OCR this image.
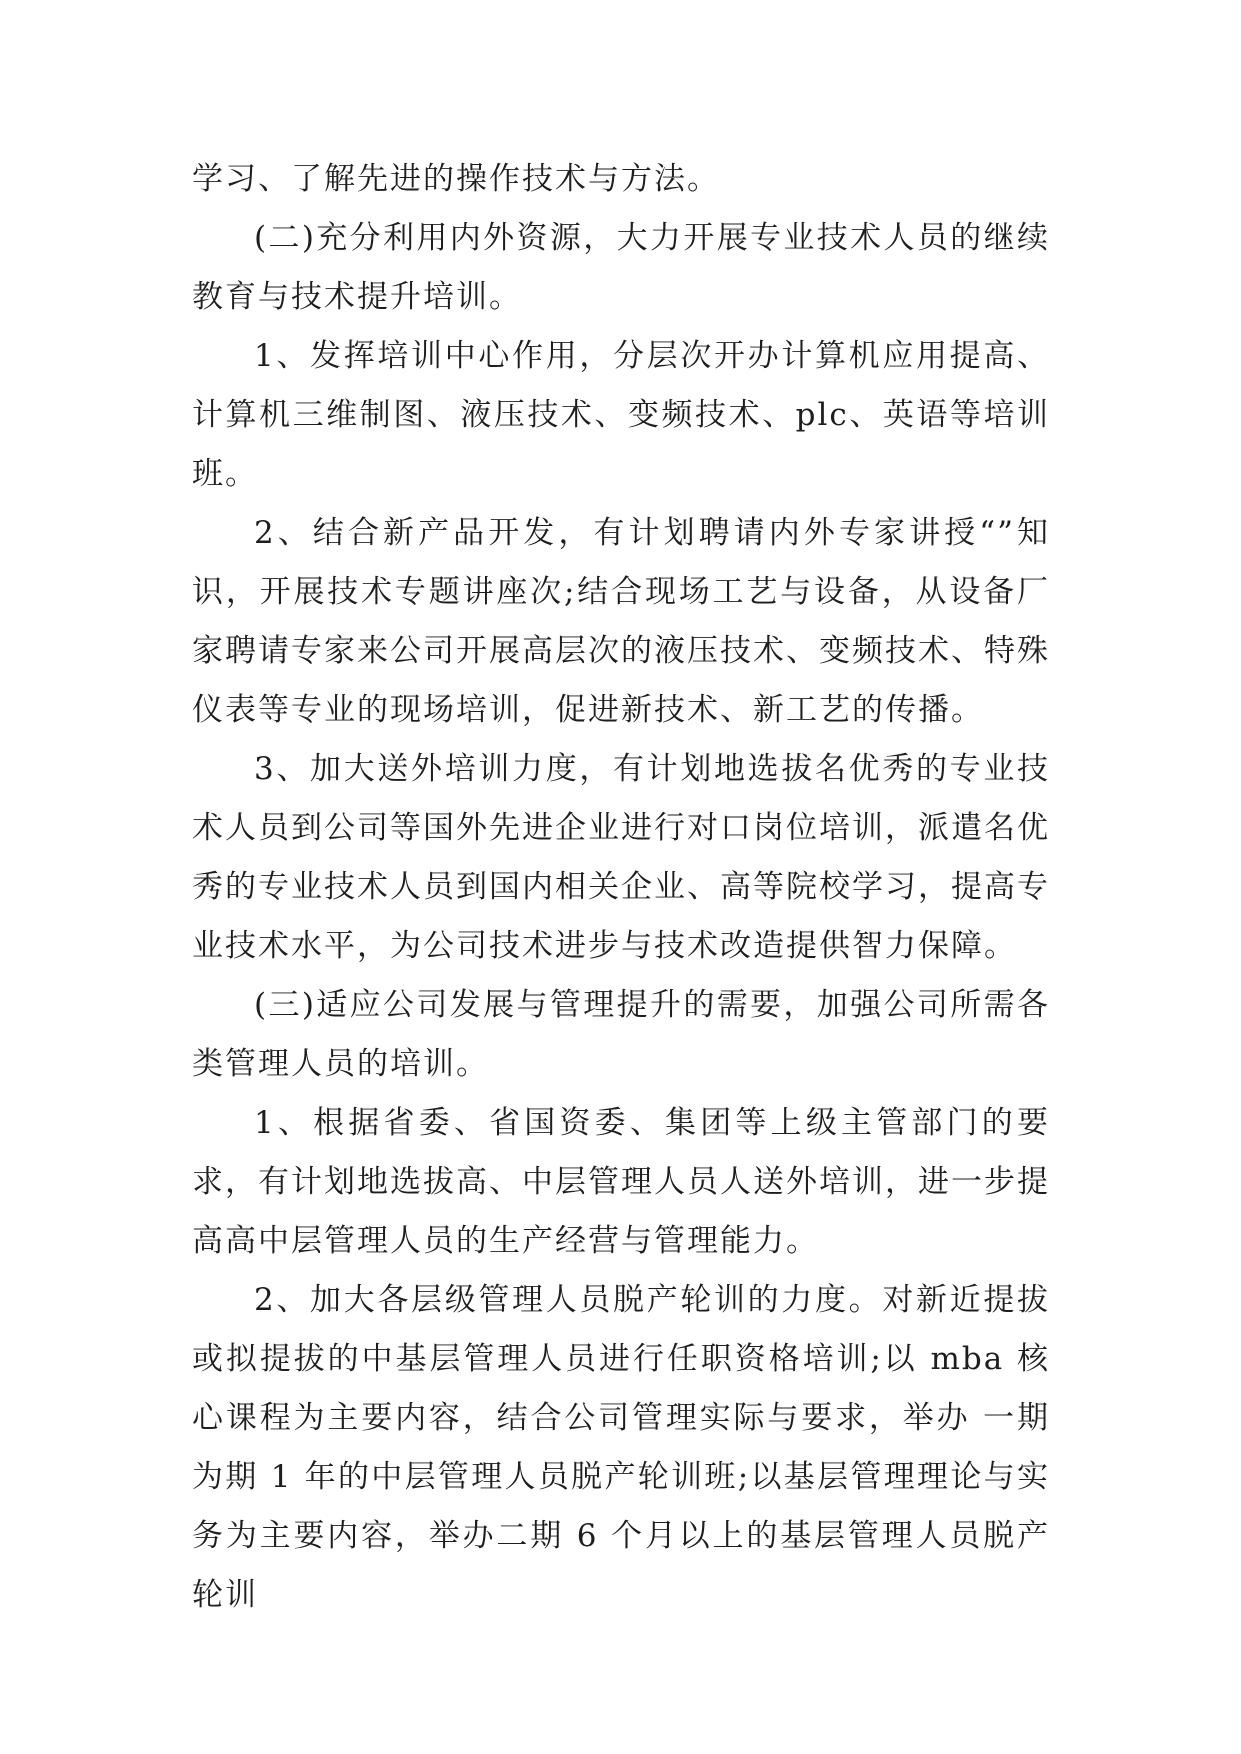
学习、了解先进的操作技术与方法。

(二)充分利用内外资源，大力开展专业技术人员的继续教育与技术提升培训。

1、发挥培训中心作用，分层次开办计算机应用提高、计算机三维制图、液压技术、变频技术、plc、英语等培训班。

2、结合新产品开发，有计划聘请内外专家讲授“”知识，开展技术专题讲座次;结合现场工艺与设备，从设备厂家聘请专家来公司开展高层次的液压技术、变频技术、特殊仪表等专业的现场培训，促进新技术、新工艺的传播。

3、加大送外培训力度，有计划地选拔名优秀的专业技术人员到公司等国外先进企业进行对口岗位培训，派遣名优秀的专业技术人员到国内相关企业、高等院校学习，提高专业技术水平，为公司技术进步与技术改造提供智力保障。

(三)适应公司发展与管理提升的需要，加强公司所需各类管理人员的培训。

1、根据省委、省国资委、集团等上级主管部门的要求，有计划地选拔高、中层管理人员人送外培训，进一步提高高中层管理人员的生产经营与管理能力。

2、加大各层级管理人员脱产轮训的力度。对新近提拔或拟提拔的中基层管理人员进行任职资格培训;以 mba 核心课程为主要内容，结合公司管理实际与要求，举办 一期为期 1 年的中层管理人员脱产轮训班;以基层管理理论与实务为主要内容，举办二期 6 个月以上的基层管理人员脱产轮训
